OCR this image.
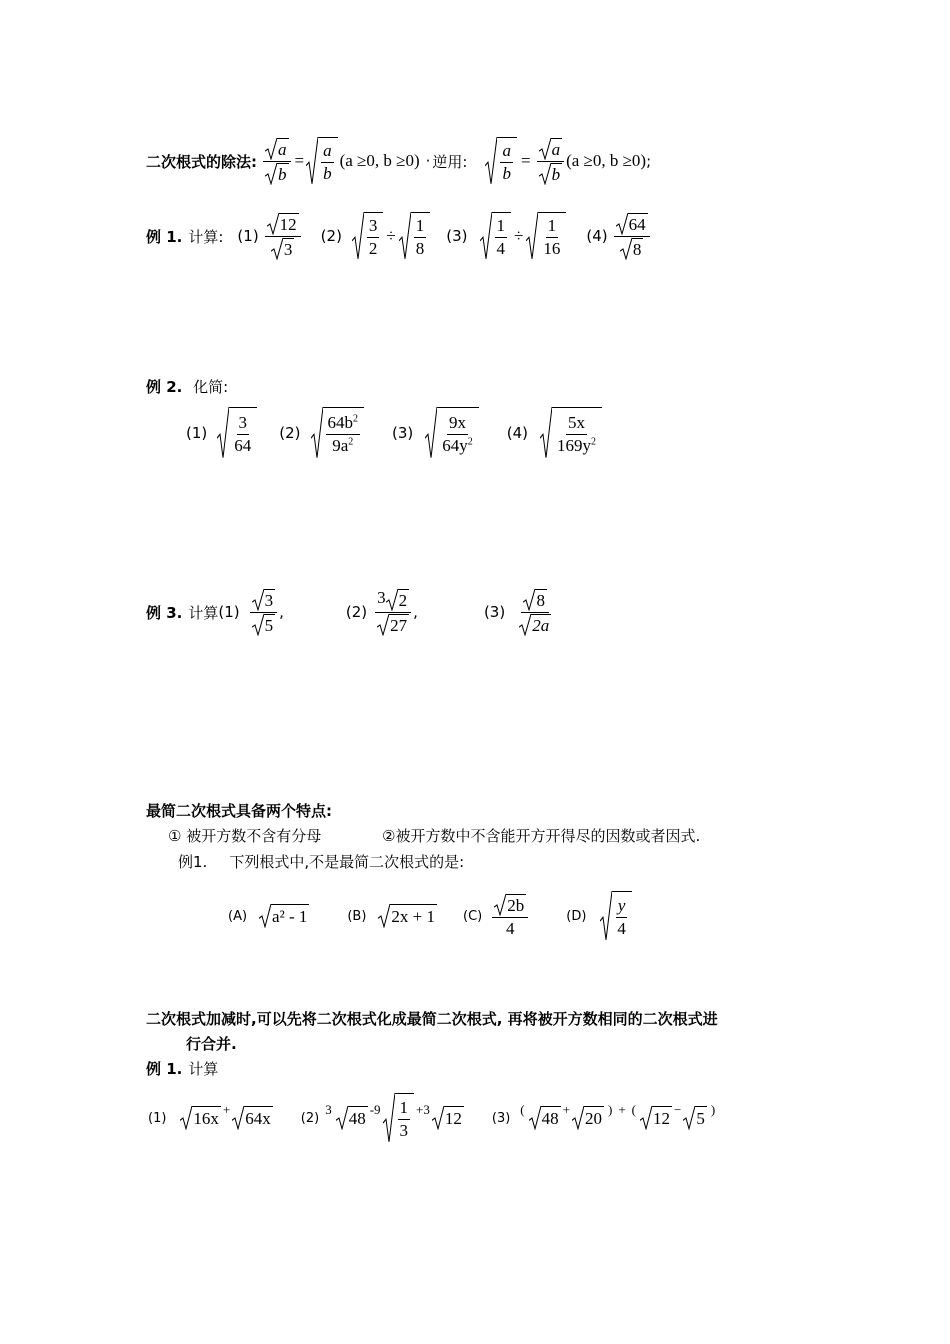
二次根式的除法: $\frac{a}{b} = \frac{a}{b} (a \ge 0$, b ≥0) · 逆用: $\frac{a}{b} = \frac{a}{b} (a \ge 0$, b ≥0) ;
例 1. 计算: $(1) \frac{12}{3} (2) \frac{3}{2} \div \frac{1}{8} (3) \frac{1}{4} \div \frac{1}{16} (4) \frac{64}{8}$
例 2. 化简:
$(1) \frac{3}{64} (2) \frac{64b^2}{9a^2} (3) \frac{9x}{64y^2} (4) \frac{5x}{169y^2}$
例 3. 计算 $(1) \frac{3}{5}$ ,	$(2) \frac{3 2}{27}$ ,	$(3) \frac{8}{2a}$
最简二次根式具备两个特点:
① 被开方数不含有分母	②被开方数中不含能开方开得尽的因数或者因式.
例1. 下列根式中,不是最简二次根式的是:
(A) a² - 1	(B) 2x + 1 $(C) \frac{2b}{4}$	$(D) \frac{y}{4}$
二次根式加减时,可以先将二次根式化成最简二次根式, 再将被开方数相同的二次根式进
行合并.
例 1. 计算
(1) 16x + 64x (2)
3 48 $-9 \frac{1}{3} +3$ 12 (3)
( 48 + 20 ) + ( 12 − 5 )
